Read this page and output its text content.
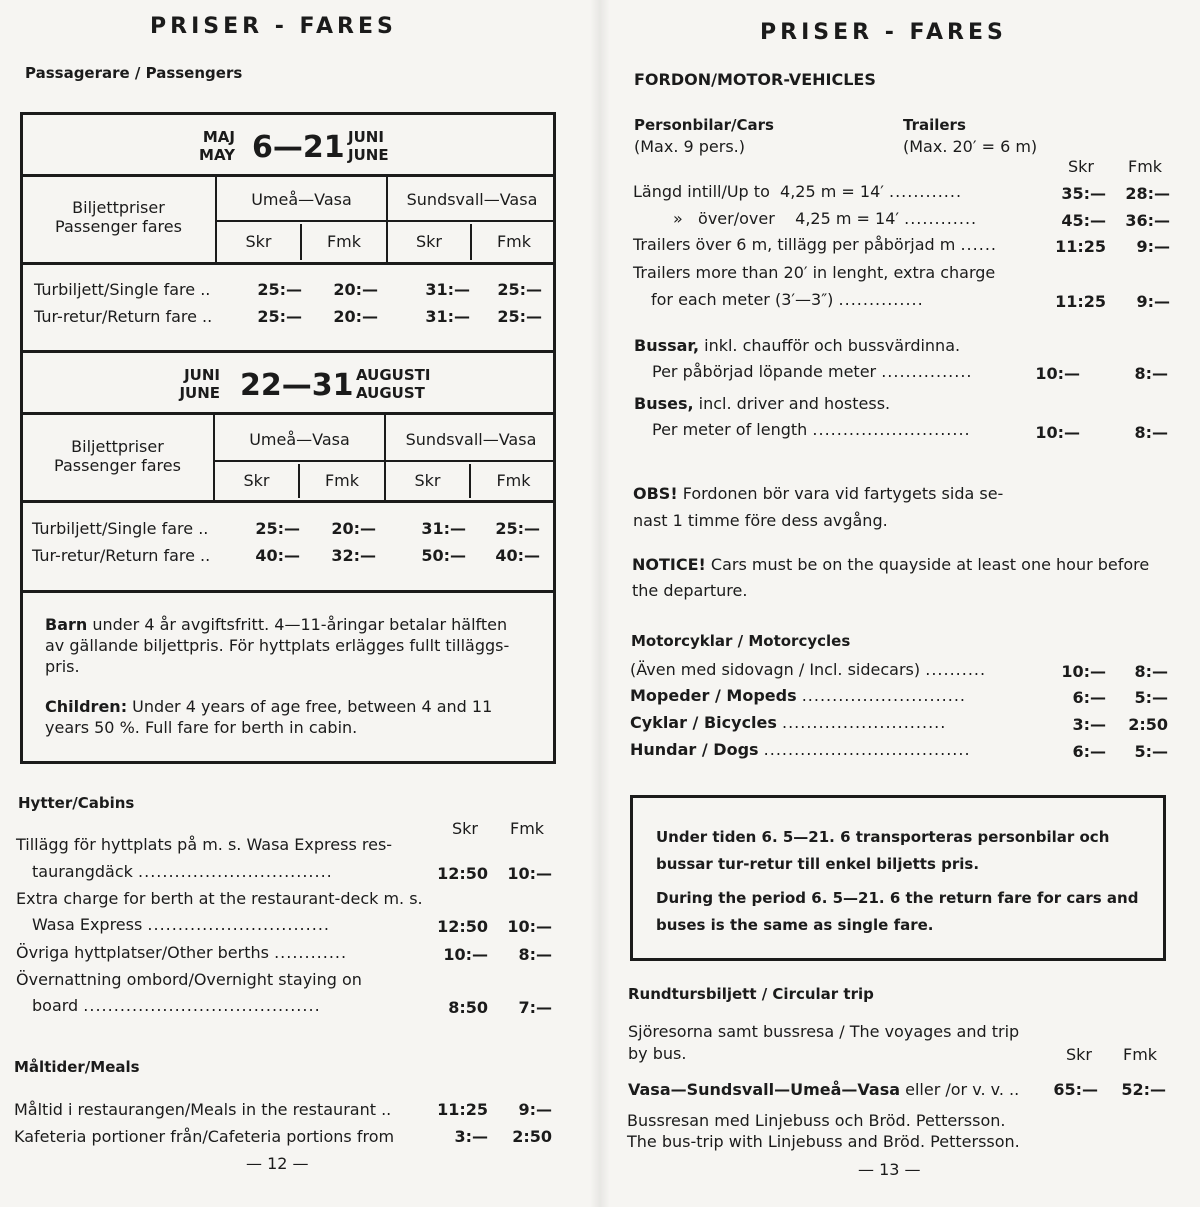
PRISER - FARES
Passagerare / Passengers
MAJ
MAY 6—21 JUNI
JUNE
Biljettpriser
Passenger fares
Umeå—Vasa	Sundsvall—Vasa
Skr	Fmk	Skr	Fmk
Turbiljett/Single fare ..	25:—	20:—	31:—	25:—
Tur-retur/Return fare ..	25:—	20:—	31:—	25:—
JUNI
JUNE 22—31 AUGUSTI
AUGUST
Biljettpriser
Passenger fares
Umeå—Vasa	Sundsvall—Vasa
Skr	Fmk	Skr	Fmk
Turbiljett/Single fare ..	25:—	20:—	31:—	25:—
Tur-retur/Return fare ..	40:—	32:—	50:—	40:—
Barn under 4 år avgiftsfritt. 4—11-åringar betalar hälften
av gällande biljettpris. För hyttplats erlägges fullt tilläggs-
pris.
Children: Under 4 years of age free, between 4 and 11
years 50 %. Full fare for berth in cabin.
Hytter/Cabins
Skr Fmk
Tillägg för hyttplats på m. s. Wasa Express res-
taurangdäck ................................	12:50	10:—
Extra charge for berth at the restaurant-deck m. s.
Wasa Express ..............................	12:50	10:—
Övriga hyttplatser/Other berths ............	10:—	8:—
Övernattning ombord/Overnight staying on
board .......................................	8:50	7:—
Måltider/Meals
Måltid i restaurangen/Meals in the restaurant ..	11:25	9:—
Kafeteria portioner från/Cafeteria portions from	3:—	2:50
— 12 —
PRISER - FARES
FORDON/MOTOR-VEHICLES
Personbilar/Cars
(Max. 9 pers.)
Trailers
(Max. 20′ = 6 m)
Skr Fmk
Längd intill/Up to  4,25 m = 14′ ............	35:—	28:—
»   över/over    4,25 m = 14′ ............	45:—	36:—
Trailers över 6 m, tillägg per påbörjad m ......	11:25	9:—
Trailers more than 20′ in lenght, extra charge
for each meter (3′—3″) ..............	11:25	9:—
Bussar, inkl. chaufför och bussvärdinna.
Per påbörjad löpande meter ...............	10:—	8:—
Buses, incl. driver and hostess.
Per meter of length ..........................	10:—	8:—
OBS! Fordonen bör vara vid fartygets sida se-
nast 1 timme före dess avgång.
NOTICE! Cars must be on the quayside at least one hour before
the departure.
Motorcyklar / Motorcycles
(Även med sidovagn / Incl. sidecars) ..........	10:—	8:—
Mopeder / Mopeds ...........................	6:—	5:—
Cyklar / Bicycles ...........................	3:—	2:50
Hundar / Dogs ..................................	6:—	5:—
Under tiden 6. 5—21. 6 transporteras personbilar och
bussar tur-retur till enkel biljetts pris.
During the period 6. 5—21. 6 the return fare for cars and
buses is the same as single fare.
Rundtursbiljett / Circular trip
Sjöresorna samt bussresa / The voyages and trip
by bus.	Skr Fmk
Vasa—Sundsvall—Umeå—Vasa eller /or v. v. ..	65:—	52:—
Bussresan med Linjebuss och Bröd. Pettersson.
The bus-trip with Linjebuss and Bröd. Pettersson.
— 13 —
